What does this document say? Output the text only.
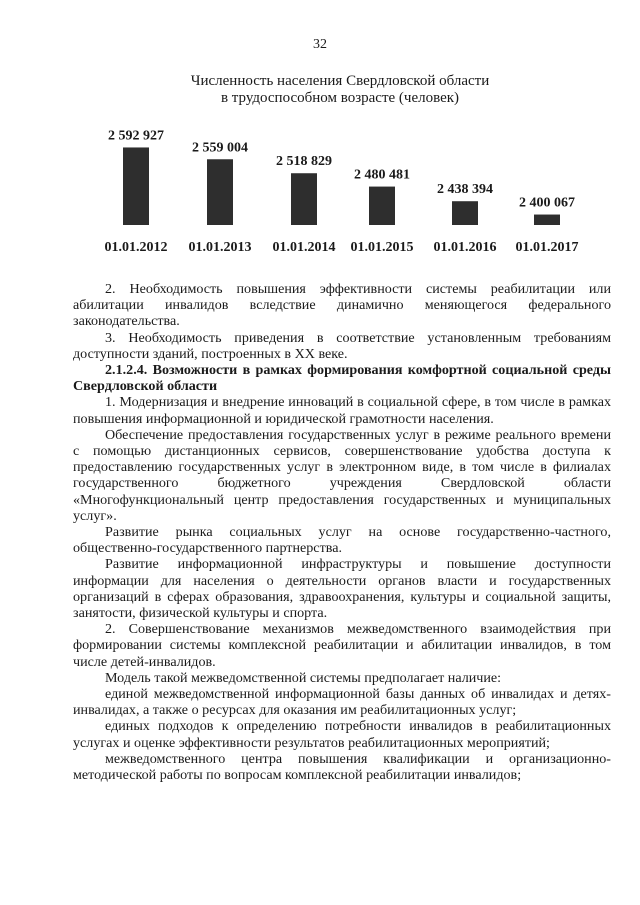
32
Численность населения Свердловской области
в трудоспособном возрасте (человек)
2 592 927
01.01.2012
2 559 004
01.01.2013
2 518 829
01.01.2014
2 480 481
01.01.2015
2 438 394
01.01.2016
2 400 067
01.01.2017

2. Необходимость повышения эффективности системы реабилитации или абилитации инвалидов вследствие динамично меняющегося федерального законодательства.

3. Необходимость приведения в соответствие установленным требованиям доступности зданий, построенных в XX веке.

2.1.2.4. Возможности в рамках формирования комфортной социальной среды Свердловской области

1. Модернизация и внедрение инноваций в социальной сфере, в том числе в рамках повышения информационной и юридической грамотности населения.

Обеспечение предоставления государственных услуг в режиме реального времени с помощью дистанционных сервисов, совершенствование удобства доступа к предоставлению государственных услуг в электронном виде, в том числе в филиалах государственного бюджетного учреждения Свердловской области «Многофункциональный центр предоставления государственных и муниципальных услуг».

Развитие рынка социальных услуг на основе государственно-частного, общественно-государственного партнерства.

Развитие информационной инфраструктуры и повышение доступности информации для населения о деятельности органов власти и государственных организаций в сферах образования, здравоохранения, культуры и социальной защиты, занятости, физической культуры и спорта.

2. Совершенствование механизмов межведомственного взаимодействия при формировании системы комплексной реабилитации и абилитации инвалидов, в том числе детей-инвалидов.

Модель такой межведомственной системы предполагает наличие:

единой межведомственной информационной базы данных об инвалидах и детях-инвалидах, а также о ресурсах для оказания им реабилитационных услуг;

единых подходов к определению потребности инвалидов в реабилитационных услугах и оценке эффективности результатов реабилитационных мероприятий;

межведомственного центра повышения квалификации и организационно-методической работы по вопросам комплексной реабилитации инвалидов;
